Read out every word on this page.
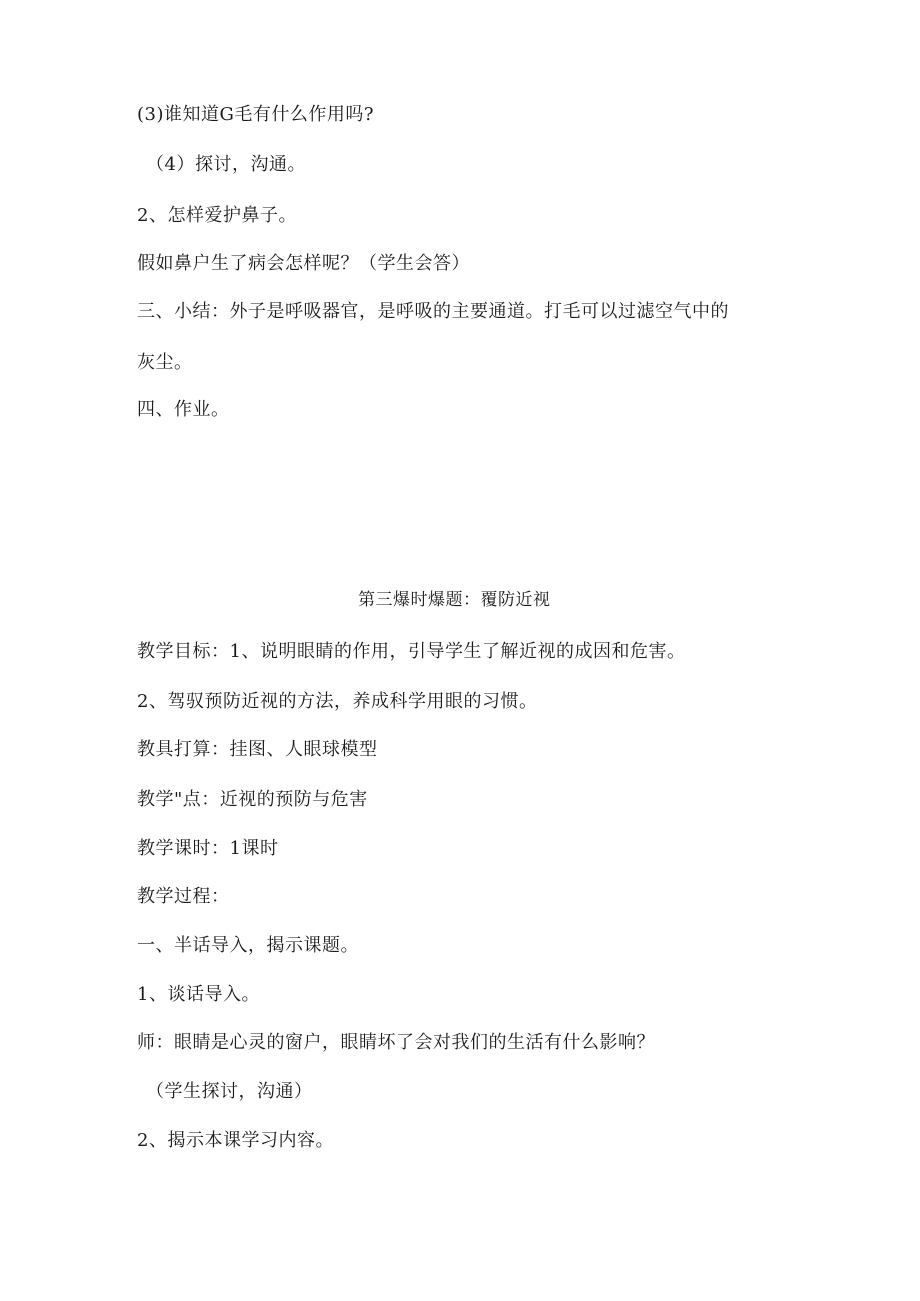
(3)谁知道G毛有什么作用吗?
（4）探讨，沟通。
2、怎样爱护鼻子。
假如鼻户生了病会怎样呢？（学生会答）
三、小结：外子是呼吸器官，是呼吸的主要通道。打毛可以过滤空气中的
灰尘。
四、作业。
第三爆时爆题：覆防近视
教学目标：1、说明眼睛的作用，引导学生了解近视的成因和危害。
2、驾驭预防近视的方法，养成科学用眼的习惯。
教具打算：挂图、人眼球模型
教学"点：近视的预防与危害
教学课时：1课时
教学过程：
一、半话导入，揭示课题。
1、谈话导入。
师：眼睛是心灵的窗户，眼睛坏了会对我们的生活有什么影响？
（学生探讨，沟通）
2、揭示本课学习内容。
